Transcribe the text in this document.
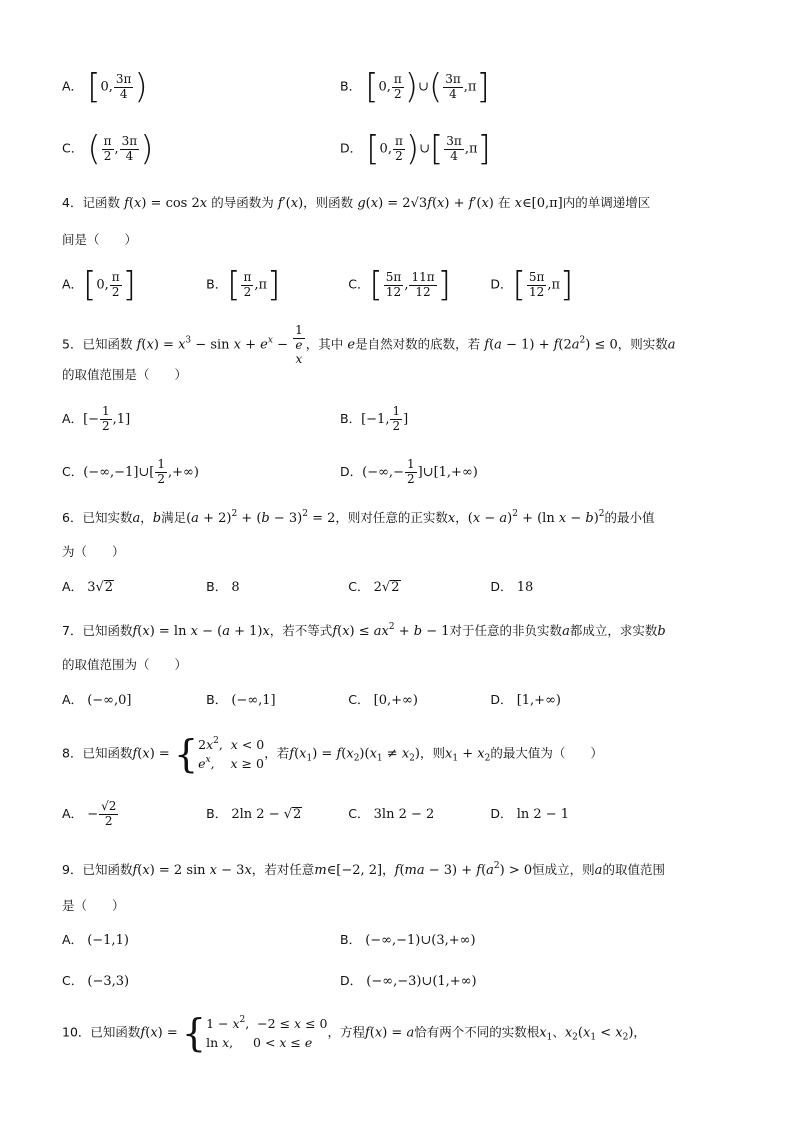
A． [0, $\frac{3\pi}{4}$ )	B． [0, $\frac{\pi}{2}$ )∪( $\frac{3\pi}{4} ,\pi$]
C． ( $\frac{\pi}{2}$ , $\frac{3\pi}{4}$ )	D． [0, $\frac{\pi}{2}$ )∪[ $\frac{3\pi}{4} ,\pi$]
4．记函数 f(x) = cos 2x 的导函数为 f′(x)，则函数 g(x) = 2√3f(x) + f′(x) 在 x∈[0,π]内的单调递增区
间是（　　）
A．[0, $\frac{\pi}{2}$ ]	B．[ $\frac{\pi}{2} ,\pi$]	C．[ $\frac{5\pi}{12}$ , $\frac{11\pi}{12}$ ]	D．[ $\frac{5\pi}{12} ,\pi$]
5．已知函数 $f(x) = x^3 - \sin x + e^x - 1$
e
$^x$ ，其中 e是自然对数的底数，若 $f(a - 1) + f(2a^2) \le 0$，则实数a
的取值范围是（　　）
A．[− $\frac{1}{2} ,1$]	B．[−1, $\frac{1}{2}$ ]
C．(−∞,−1]∪[ $\frac{1}{2}$ ,+∞)	D．(−∞,− $\frac{1}{2}$ ]∪[1,+∞)
6．已知实数a，b满足$(a + 2)^2 + (b - 3)^2 = 2$，则对任意的正实数x，$(x - a)^2 + (\ln$ x − b)$^2$的最小值
为（　　）
A． 3√2	B． 8	C． 2√2	D． 18
7．已知函数f(x) = ln x − (a + 1)x，若不等式$f(x) \le ax^2 + b - 1$对于任意的非负实数a都成立，求实数b
的取值范围为（　　）
A． (−∞,0]	B． (−∞,1]	C． [0,+∞)	D． [1,+∞)
8．已知函数f(x) = { $2x^2$,  x < 0
$e^x$,    x ≥ 0
，若$f(x_1) = f(x_2)(x_1 \ne x_2)$，则$x_1 + x_2$的最大值为（　　）
A． − $\frac{√2}{2}$	B． 2ln 2 − √2	C． 3ln 2 − 2	D． ln 2 − 1
9．已知函数f(x) = 2 sin x − 3x，若对任意m∈[−2, 2]，$f(ma - 3) + f(a^2) > 0$恒成立，则a的取值范围
是（　　）
A． (−1,1)	B． (−∞,−1)∪(3,+∞)
C． (−3,3)	D． (−∞,−3)∪(1,+∞)
10．已知函数f(x) = { $1 - x^2$,  −2 ≤ x ≤ 0
ln x,     0 < x ≤ e
，方程f(x) = a恰有两个不同的实数根$x_1$、$x_2(x_1 < x_2)$，
